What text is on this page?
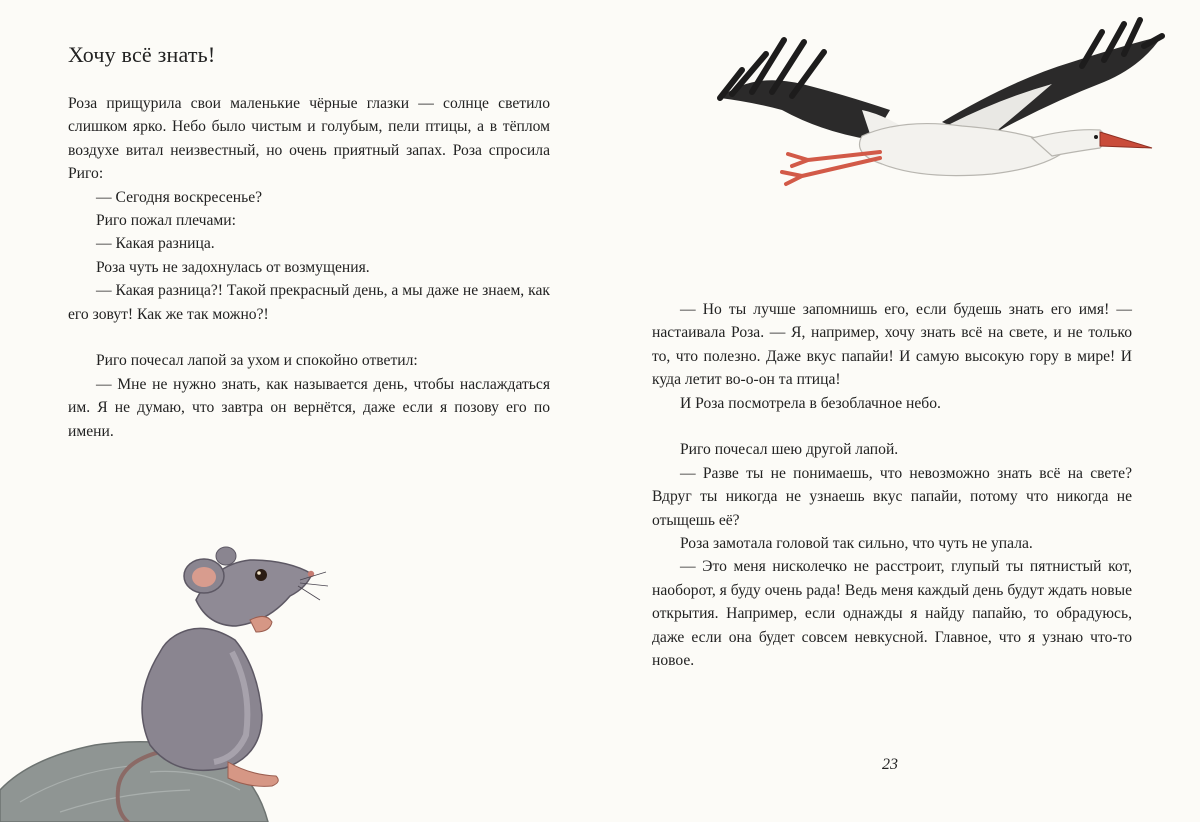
Хочу всё знать!

Роза прищурила свои маленькие чёрные глазки — солнце светило слишком ярко. Небо было чистым и голубым, пели птицы, а в тёплом воздухе витал неизвестный, но очень приятный запах. Роза спросила Риго:

— Сегодня воскресенье?

Риго пожал плечами:

— Какая разница.

Роза чуть не задохнулась от возмущения.

— Какая разница?! Такой прекрасный день, а мы даже не знаем, как его зовут! Как же так можно?!

Риго почесал лапой за ухом и спокойно ответил:

— Мне не нужно знать, как называется день, чтобы наслаждаться им. Я не думаю, что завтра он вернётся, даже если я позову его по имени.

— Но ты лучше запомнишь его, если будешь знать его имя! — настаивала Роза. — Я, например, хочу знать всё на свете, и не только то, что полезно. Даже вкус папайи! И самую высокую гору в мире! И куда летит во-о-он та птица!

И Роза посмотрела в безоблачное небо.

Риго почесал шею другой лапой.

— Разве ты не понимаешь, что невозможно знать всё на свете? Вдруг ты никогда не узнаешь вкус папайи, потому что никогда не отыщешь её?

Роза замотала головой так сильно, что чуть не упала.

— Это меня нисколечко не расстроит, глупый ты пятнистый кот, наоборот, я буду очень рада! Ведь меня каждый день будут ждать новые открытия. Например, если однажды я найду папайю, то обрадуюсь, даже если она будет совсем невкусной. Главное, что я узнаю что-то новое.

23
